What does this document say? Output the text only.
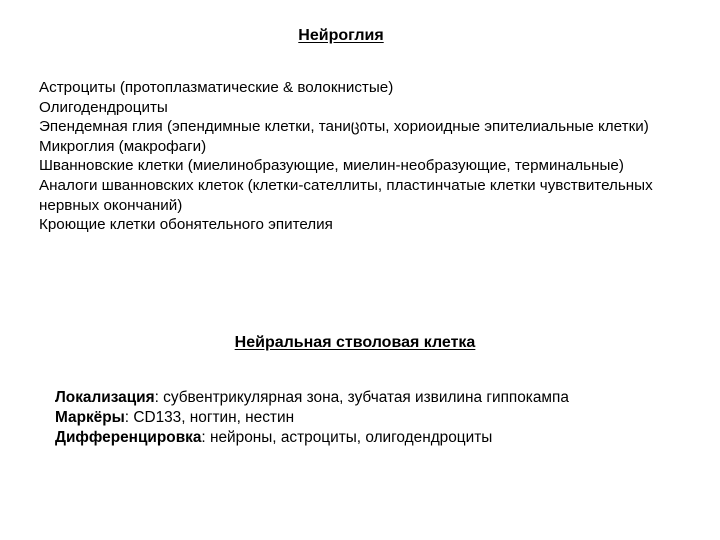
Нейроглия
Астроциты (протоплазматические & волокнистые)
Олигодендроциты
Эпендемная глия (эпендимные клетки, таниციты, хориоидные эпителиальные клетки)
Микроглия (макрофаги)
Шванновские клетки (миелинобразующие, миелин-необразующие, терминальные)
Аналоги шванновских клеток (клетки-сателлиты, пластинчатые клетки чувствительных нервных окончаний)
Кроющие клетки обонятельного эпителия
Нейральная стволовая клетка
Локализация: субвентрикулярная зона, зубчатая извилина гиппокампа
Маркёры: CD133, ногтин, нестин
Дифференцировка: нейроны, астроциты, олигодендроциты
